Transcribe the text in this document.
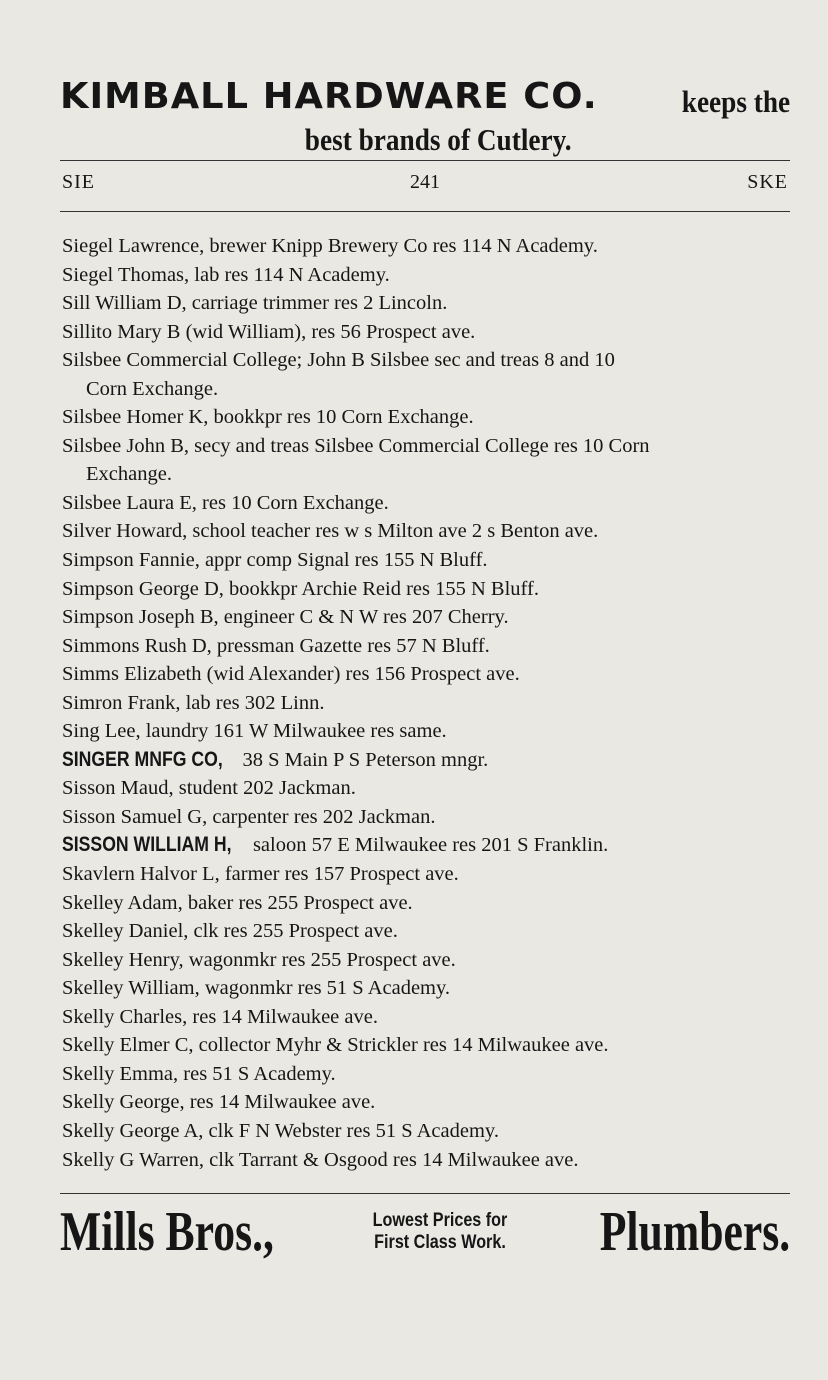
KIMBALL HARDWARE CO.	keeps the
best brands of Cutlery.
SIE	241	SKE
Siegel Lawrence, brewer Knipp Brewery Co res 114 N Academy.
Siegel Thomas, lab res 114 N Academy.
Sill William D, carriage trimmer res 2 Lincoln.
Sillito Mary B (wid William), res 56 Prospect ave.
Silsbee Commercial College; John B Silsbee sec and treas 8 and 10
Corn Exchange.
Silsbee Homer K, bookkpr res 10 Corn Exchange.
Silsbee John B, secy and treas Silsbee Commercial College res 10 Corn
Exchange.
Silsbee Laura E, res 10 Corn Exchange.
Silver Howard, school teacher res w s Milton ave 2 s Benton ave.
Simpson Fannie, appr comp Signal res 155 N Bluff.
Simpson George D, bookkpr Archie Reid res 155 N Bluff.
Simpson Joseph B, engineer C & N W res 207 Cherry.
Simmons Rush D, pressman Gazette res 57 N Bluff.
Simms Elizabeth (wid Alexander) res 156 Prospect ave.
Simron Frank, lab res 302 Linn.
Sing Lee, laundry 161 W Milwaukee res same.
SINGER MNFG CO, 38 S Main P S Peterson mngr.
Sisson Maud, student 202 Jackman.
Sisson Samuel G, carpenter res 202 Jackman.
SISSON WILLIAM H, saloon 57 E Milwaukee res 201 S Franklin.
Skavlern Halvor L, farmer res 157 Prospect ave.
Skelley Adam, baker res 255 Prospect ave.
Skelley Daniel, clk res 255 Prospect ave.
Skelley Henry, wagonmkr res 255 Prospect ave.
Skelley William, wagonmkr res 51 S Academy.
Skelly Charles, res 14 Milwaukee ave.
Skelly Elmer C, collector Myhr & Strickler res 14 Milwaukee ave.
Skelly Emma, res 51 S Academy.
Skelly George, res 14 Milwaukee ave.
Skelly George A, clk F N Webster res 51 S Academy.
Skelly G Warren, clk Tarrant & Osgood res 14 Milwaukee ave.
Mills Bros.,	Lowest Prices for
First Class Work.	Plumbers.
